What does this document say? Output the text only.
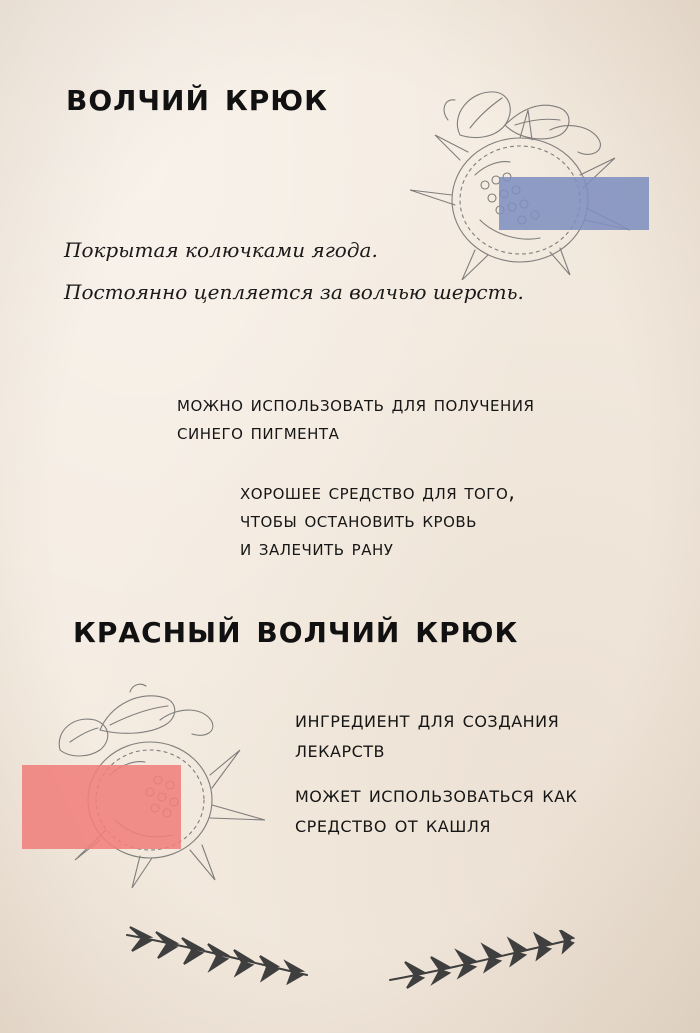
волчий крюк

Покрытая колючками ягода.

Постоянно цепляется за волчью шерсть.

можно использовать для получения
синего пигмента
хорошее средство для того,
чтобы остановить кровь
и залечить рану
красный волчий крюк
ингредиент для создания
лекарств
может использоваться как
средство от кашля
